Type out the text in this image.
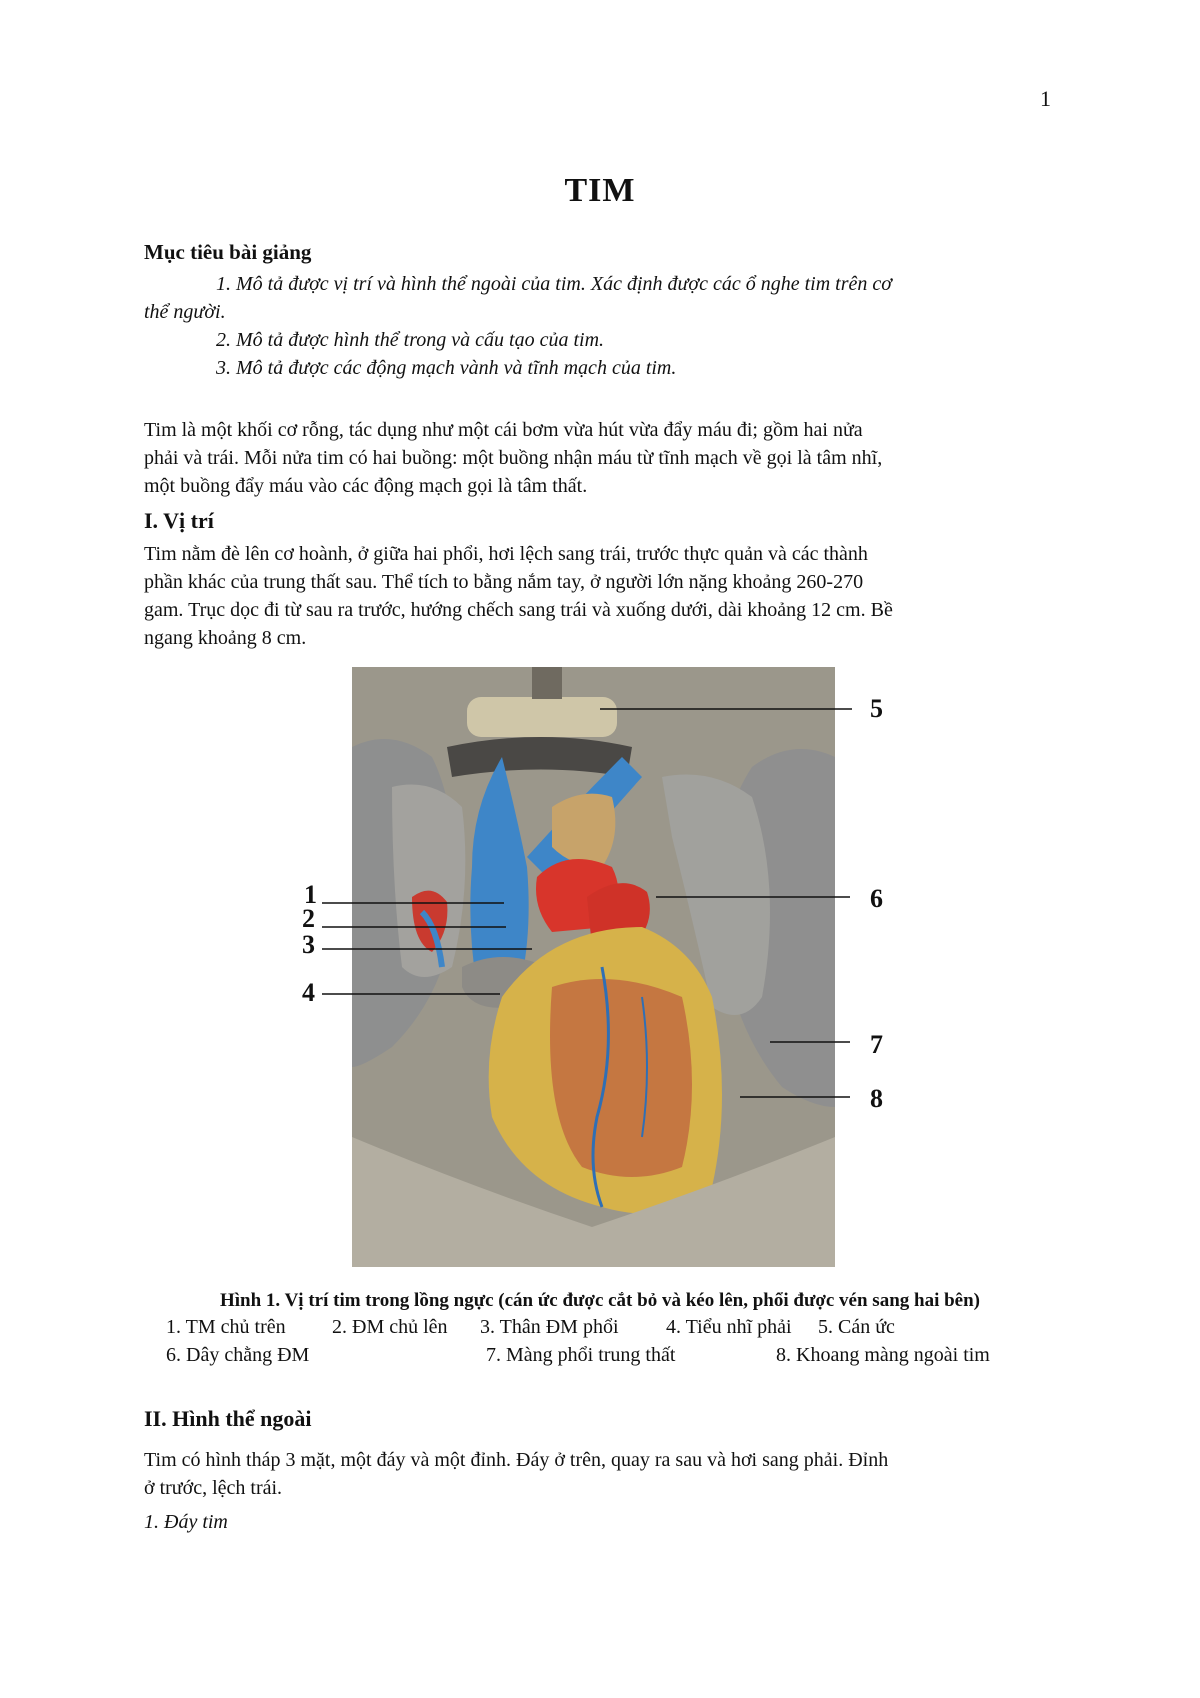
1
TIM
Mục tiêu bài giảng
1. Mô tả được vị trí và hình thể ngoài của tim. Xác định được các ổ nghe tim trên cơ
thể người.
2. Mô tả được hình thể trong và cấu tạo của tim.
3. Mô tả được các động mạch vành và tĩnh mạch của tim.
Tim là một khối cơ rỗng, tác dụng như một cái bơm vừa hút vừa đẩy máu đi; gồm hai nửa
phải và trái. Mỗi nửa tim có hai buồng: một buồng nhận máu từ tĩnh mạch về gọi là tâm nhĩ,
một buồng đẩy máu vào các động mạch gọi là tâm thất.
I. Vị trí
Tim nằm đè lên cơ hoành, ở giữa hai phổi, hơi lệch sang trái, trước thực quản và các thành
phần khác của trung thất sau. Thể tích to bằng nắm tay, ở người lớn nặng khoảng 260-270
gam. Trục dọc đi từ sau ra trước, hướng chếch sang trái và xuống dưới, dài khoảng 12 cm. Bề
ngang khoảng 8 cm.
1
2
3
4
5
6
7
8
Hình 1. Vị trí tim trong lồng ngực (cán ức được cắt bỏ và kéo lên, phổi được vén sang hai bên)
1. TM chủ trên 2. ĐM chủ lên 3. Thân ĐM phổi 4. Tiểu nhĩ phải 5. Cán ức
6. Dây chằng ĐM	7. Màng phổi trung thất	8. Khoang màng ngoài tim
II. Hình thể ngoài
Tim có hình tháp 3 mặt, một đáy và một đỉnh. Đáy ở trên, quay ra sau và hơi sang phải. Đỉnh
ở trước, lệch trái.
1. Đáy tim
